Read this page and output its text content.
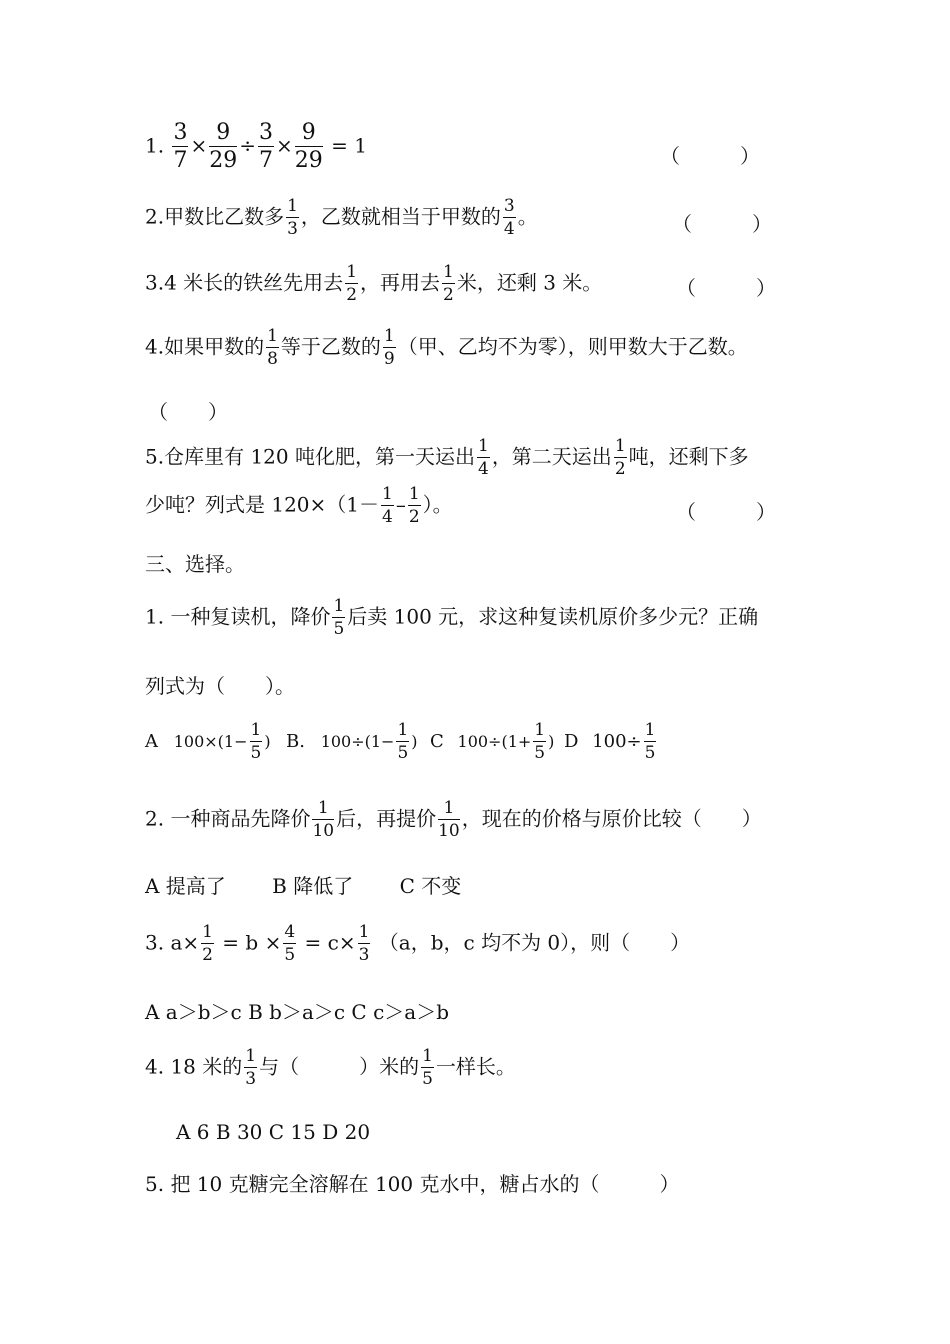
1. $\frac{3}{7} \times \frac{9}{29} \div \frac{3}{7} \times \frac{9}{29} = 1$	（　　　）
2.甲数比乙数多 $\frac{1}{3}$ ，乙数就相当于甲数的 $\frac{3}{4}$ 。	（　　　）
3.4 米长的铁丝先用去 $\frac{1}{2}$ ，再用去 $\frac{1}{2}$ 米，还剩 3 米。	（　　　）
4.如果甲数的 $\frac{1}{8}$ 等于乙数的 $\frac{1}{9}$ （甲、乙均不为零），则甲数大于乙数。
（　　）
5.仓库里有 120 吨化肥，第一天运出 $\frac{1}{4}$ ，第二天运出 $\frac{1}{2}$ 吨，还剩下多
少吨？列式是 $120\times(1- \frac{1}{4} - \frac{1}{2}$ ）。	（　　　）
三、选择。
1. 一种复读机，降价 $\frac{1}{5}$ 后卖 100 元，求这种复读机原价多少元？正确
列式为（　　）。
A $100\times(1- \frac{1}{5}$ ) B. $100\div(1- \frac{1}{5}$ ) C $100\div(1+ \frac{1}{5}$ ) D $100\div \frac{1}{5}$
2. 一种商品先降价 $\frac{1}{10}$ 后，再提价 $\frac{1}{10}$ ，现在的价格与原价比较（　　）
A 提高了　　 B 降低了　　 C 不变
3. $a\times \frac{1}{2} = b \times \frac{4}{5} = c\times \frac{1}{3} (a$，b，c 均不为 0），则（　　）
A a＞b＞c B b＞a＞c C c＞a＞b
4. 18 米的 $\frac{1}{3}$ 与（　　　）米的 $\frac{1}{5}$ 一样长。
A 6 B 30 C 15 D 20
5. 把 10 克糖完全溶解在 100 克水中，糖占水的（　　　）
